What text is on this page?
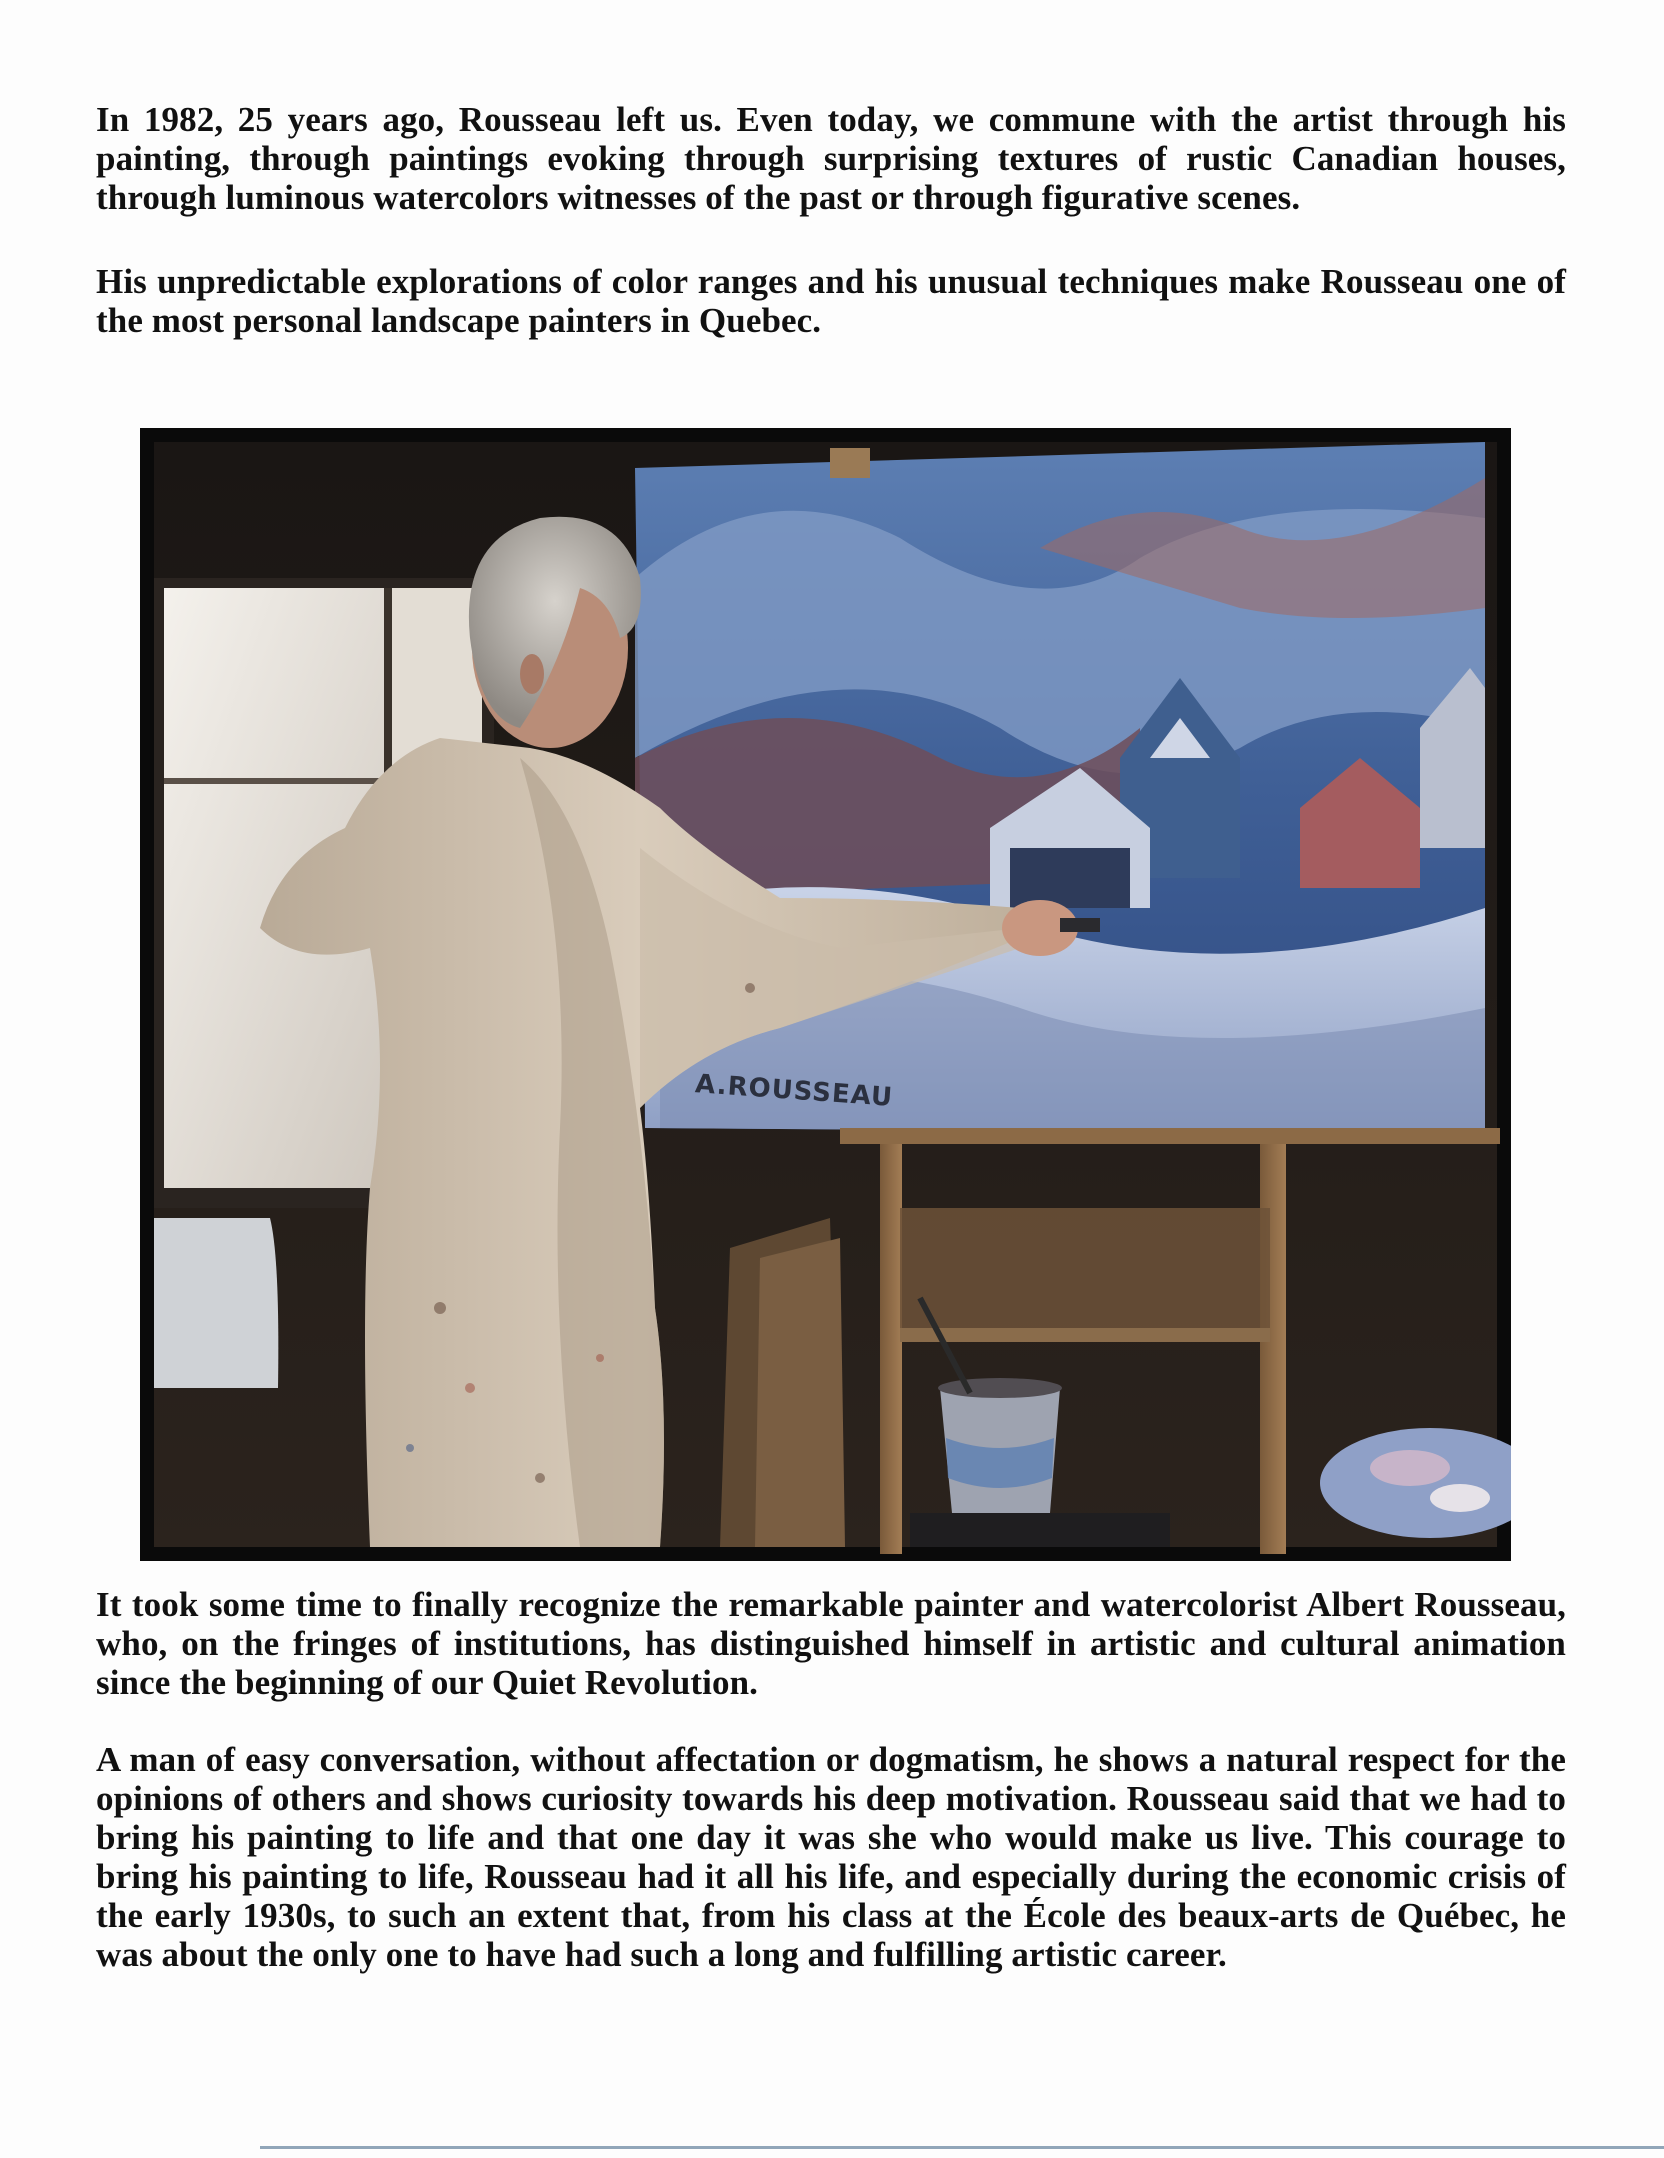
In 1982, 25 years ago, Rousseau left us. Even today, we commune with the artist through his painting, through paintings evoking through surprising textures of rustic Canadian houses, through luminous watercolors witnesses of the past or through figurative scenes.

His unpredictable explorations of color ranges and his unusual techniques make Rousseau one of the most personal landscape painters in Quebec.

A.ROUSSEAU

It took some time to finally recognize the remarkable painter and watercolorist Albert Rousseau, who, on the fringes of institutions, has distinguished himself in artistic and cultural animation since the beginning of our Quiet Revolution.

A man of easy conversation, without affectation or dogmatism, he shows a natural respect for the opinions of others and shows curiosity towards his deep motivation. Rousseau said that we had to bring his painting to life and that one day it was she who would make us live. This courage to bring his painting to life, Rousseau had it all his life, and especially during the economic crisis of the early 1930s, to such an extent that, from his class at the École des beaux-arts de Québec, he was about the only one to have had such a long and fulfilling artistic career.
